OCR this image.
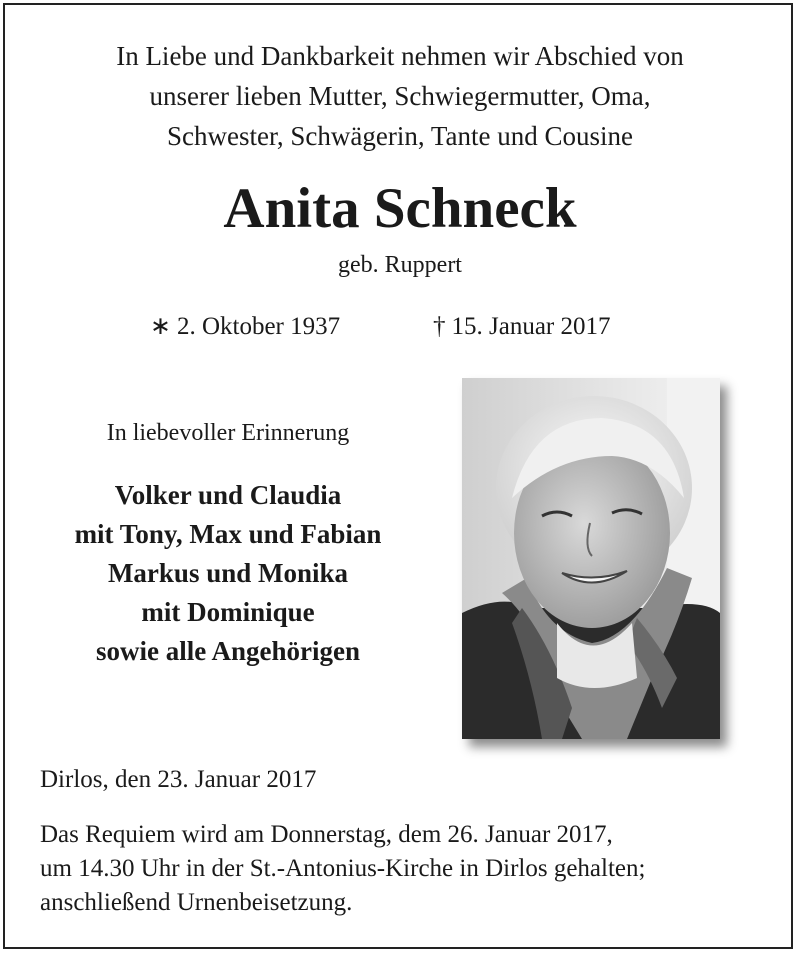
In Liebe und Dankbarkeit nehmen wir Abschied von
unserer lieben Mutter, Schwiegermutter, Oma,
Schwester, Schwägerin, Tante und Cousine
Anita Schneck
geb. Ruppert
∗ 2. Oktober 1937	† 15. Januar 2017
In liebevoller Erinnerung
Volker und Claudia
mit Tony, Max und Fabian
Markus und Monika
mit Dominique
sowie alle Angehörigen
Dirlos, den 23. Januar 2017
Das Requiem wird am Donnerstag, dem 26. Januar 2017,
um 14.30 Uhr in der St.-Antonius-Kirche in Dirlos gehalten;
anschließend Urnenbeisetzung.
